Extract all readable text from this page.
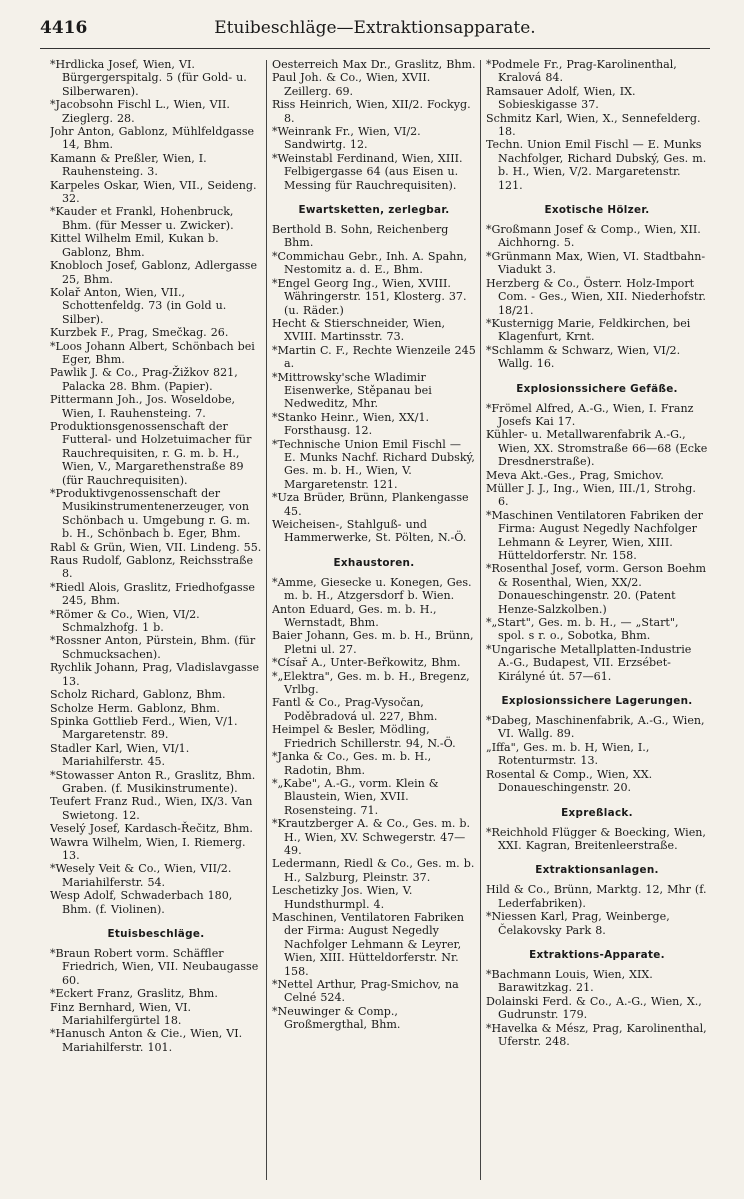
4416	Etuibeschläge—Extraktionsapparate.

*Hrdlicka Josef, Wien, VI. Bürgergerspitalg. 5 (für Gold- u. Silberwaren).

*Jacobsohn Fischl L., Wien, VII. Zieglerg. 28.

Johr Anton, Gablonz, Mühlfeldgasse 14, Bhm.

Kamann & Preßler, Wien, I. Rauhensteing. 3.

Karpeles Oskar, Wien, VII., Seideng. 32.

*Kauder et Frankl, Hohenbruck, Bhm. (für Messer u. Zwicker).

Kittel Wilhelm Emil, Kukan b. Gablonz, Bhm.

Knobloch Josef, Gablonz, Adlergasse 25, Bhm.

Kolař Anton, Wien, VII., Schottenfeldg. 73 (in Gold u. Silber).

Kurzbek F., Prag, Smečkag. 26.

*Loos Johann Albert, Schönbach bei Eger, Bhm.

Pawlik J. & Co., Prag-Žižkov 821, Palacka 28. Bhm. (Papier).

Pittermann Joh., Jos. Woseldobe, Wien, I. Rauhensteing. 7.

Produktionsgenossenschaft der Futteral- und Holzetuimacher für Rauchrequisiten, r. G. m. b. H., Wien, V., Margarethenstraße 89 (für Rauchrequisiten).

*Produktivgenossenschaft der Musikinstrumentenerzeuger, von Schönbach u. Umgebung r. G. m. b. H., Schönbach b. Eger, Bhm.

Rabl & Grün, Wien, VII. Lindeng. 55.

Raus Rudolf, Gablonz, Reichsstraße 8.

*Riedl Alois, Graslitz, Friedhofgasse 245, Bhm.

*Römer & Co., Wien, VI/2. Schmalzhofg. 1 b.

*Rossner Anton, Pürstein, Bhm. (für Schmucksachen).

Rychlik Johann, Prag, Vladislavgasse 13.

Scholz Richard, Gablonz, Bhm.

Scholze Herm. Gablonz, Bhm.

Spinka Gottlieb Ferd., Wien, V/1. Margaretenstr. 89.

Stadler Karl, Wien, VI/1. Mariahilferstr. 45.

*Stowasser Anton R., Graslitz, Bhm. Graben. (f. Musikinstrumente).

Teufert Franz Rud., Wien, IX/3. Van Swietong. 12.

Veselý Josef, Kardasch-Řečitz, Bhm.

Wawra Wilhelm, Wien, I. Riemerg. 13.

*Wesely Veit & Co., Wien, VII/2. Mariahilferstr. 54.

Wesp Adolf, Schwaderbach 180, Bhm. (f. Violinen).

Etuisbeschläge.

*Braun Robert vorm. Schäffler Friedrich, Wien, VII. Neubaugasse 60.

*Eckert Franz, Graslitz, Bhm.

Finz Bernhard, Wien, VI. Mariahilfergürtel 18.

*Hanusch Anton & Cie., Wien, VI. Mariahilferstr. 101.

Oesterreich Max Dr., Graslitz, Bhm.

Paul Joh. & Co., Wien, XVII. Zeillerg. 69.

Riss Heinrich, Wien, XII/2. Fockyg. 8.

*Weinrank Fr., Wien, VI/2. Sandwirtg. 12.

*Weinstabl Ferdinand, Wien, XIII. Felbigergasse 64 (aus Eisen u. Messing für Rauchrequisiten).

Ewartsketten, zerlegbar.

Berthold B. Sohn, Reichenberg Bhm.

*Commichau Gebr., Inh. A. Spahn, Nestomitz a. d. E., Bhm.

*Engel Georg Ing., Wien, XVIII. Währingerstr. 151, Klosterg. 37. (u. Räder.)

Hecht & Stierschneider, Wien, XVIII. Martinsstr. 73.

*Martin C. F., Rechte Wienzeile 245 a.

*Mittrowsky'sche Wladimir Eisenwerke, Stěpanau bei Nedweditz, Mhr.

*Stanko Heinr., Wien, XX/1. Forsthausg. 12.

*Technische Union Emil Fischl — E. Munks Nachf. Richard Dubský, Ges. m. b. H., Wien, V. Margaretenstr. 121.

*Uza Brüder, Brünn, Plankengasse 45.

Weicheisen-, Stahlguß- und Hammerwerke, St. Pölten, N.-Ö.

Exhaustoren.

*Amme, Giesecke u. Konegen, Ges. m. b. H., Atzgersdorf b. Wien.

Anton Eduard, Ges. m. b. H., Wernstadt, Bhm.

Baier Johann, Ges. m. b. H., Brünn, Pletni ul. 27.

*Císař A., Unter-Beřkowitz, Bhm.

*„Elektra", Ges. m. b. H., Bregenz, Vrlbg.

Fantl & Co., Prag-Vysočan, Poděbradová ul. 227, Bhm.

Heimpel & Besler, Mödling, Friedrich Schillerstr. 94, N.-Ö.

*Janka & Co., Ges. m. b. H., Radotin, Bhm.

*„Kabe", A.-G., vorm. Klein & Blaustein, Wien, XVII. Rosensteing. 71.

*Krautzberger A. & Co., Ges. m. b. H., Wien, XV. Schwegerstr. 47—49.

Ledermann, Riedl & Co., Ges. m. b. H., Salzburg, Pleinstr. 37.

Leschetizky Jos. Wien, V. Hundsthurmpl. 4.

Maschinen, Ventilatoren Fabriken der Firma: August Negedly Nachfolger Lehmann & Leyrer, Wien, XIII. Hütteldorferstr. Nr. 158.

*Nettel Arthur, Prag-Smichov, na Celné 524.

*Neuwinger & Comp., Großmergthal, Bhm.

*Podmele Fr., Prag-Karolinenthal, Kralová 84.

Ramsauer Adolf, Wien, IX. Sobieskigasse 37.

Schmitz Karl, Wien, X., Sennefelderg. 18.

Techn. Union Emil Fischl — E. Munks Nachfolger, Richard Dubský, Ges. m. b. H., Wien, V/2. Margaretenstr. 121.

Exotische Hölzer.

*Großmann Josef & Comp., Wien, XII. Aichhorng. 5.

*Grünmann Max, Wien, VI. Stadtbahn-Viadukt 3.

Herzberg & Co., Österr. Holz-Import Com. - Ges., Wien, XII. Niederhofstr. 18/21.

*Kusternigg Marie, Feldkirchen, bei Klagenfurt, Krnt.

*Schlamm & Schwarz, Wien, VI/2. Wallg. 16.

Explosionssichere Gefäße.

*Frömel Alfred, A.-G., Wien, I. Franz Josefs Kai 17.

Kühler- u. Metallwarenfabrik A.-G., Wien, XX. Stromstraße 66—68 (Ecke Dresdnerstraße).

Meva Akt.-Ges., Prag, Smichov.

Müller J. J., Ing., Wien, III./1, Strohg. 6.

*Maschinen Ventilatoren Fabriken der Firma: August Negedly Nachfolger Lehmann & Leyrer, Wien, XIII. Hütteldorferstr. Nr. 158.

*Rosenthal Josef, vorm. Gerson Boehm & Rosenthal, Wien, XX/2. Donaueschingenstr. 20. (Patent Henze-Salzkolben.)

*„Start", Ges. m. b. H., — „Start", spol. s r. o., Sobotka, Bhm.

*Ungarische Metallplatten-Industrie A.-G., Budapest, VII. Erzsébet-Királyné út. 57—61.

Explosionssichere Lagerungen.

*Dabeg, Maschinenfabrik, A.-G., Wien, VI. Wallg. 89.

„Iffa", Ges. m. b. H, Wien, I., Rotenturmstr. 13.

Rosental & Comp., Wien, XX. Donaueschingenstr. 20.

Expreßlack.

*Reichhold Flügger & Boecking, Wien, XXI. Kagran, Breitenleerstraße.

Extraktionsanlagen.

Hild & Co., Brünn, Marktg. 12, Mhr (f. Lederfabriken).

*Niessen Karl, Prag, Weinberge, Čelakovsky Park 8.

Extraktions-Apparate.

*Bachmann Louis, Wien, XIX. Barawitzkag. 21.

Dolainski Ferd. & Co., A.-G., Wien, X., Gudrunstr. 179.

*Havelka & Mész, Prag, Karolinenthal, Uferstr. 248.
